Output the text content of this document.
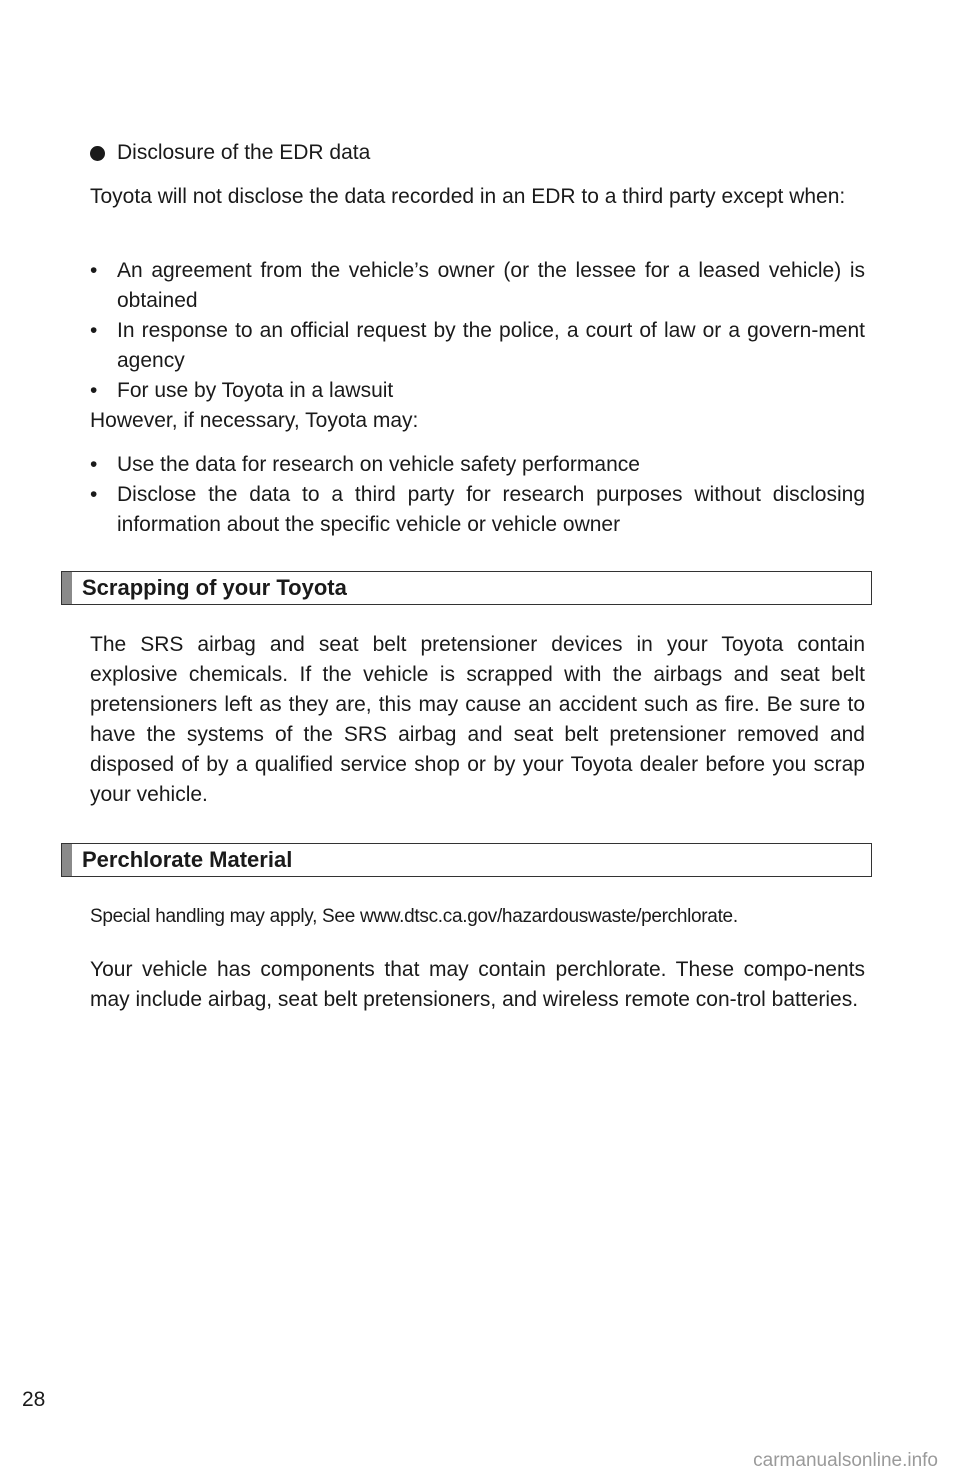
Disclosure of the EDR data
Toyota will not disclose the data recorded in an EDR to a third party except when:
• An agreement from the vehicle’s owner (or the lessee for a leased vehicle) is obtained
• In response to an official request by the police, a court of law or a govern-ment agency
• For use by Toyota in a lawsuit
However, if necessary, Toyota may:
• Use the data for research on vehicle safety performance
• Disclose the data to a third party for research purposes without disclosing information about the specific vehicle or vehicle owner
Scrapping of your Toyota
The SRS airbag and seat belt pretensioner devices in your Toyota contain explosive chemicals. If the vehicle is scrapped with the airbags and seat belt pretensioners left as they are, this may cause an accident such as fire. Be sure to have the systems of the SRS airbag and seat belt pretensioner removed and disposed of by a qualified service shop or by your Toyota dealer before you scrap your vehicle.
Perchlorate Material
Special handling may apply, See www.dtsc.ca.gov/hazardouswaste/perchlorate.
Your vehicle has components that may contain perchlorate. These compo-nents may include airbag, seat belt pretensioners, and wireless remote con-trol batteries.
28
carmanualsonline.info
